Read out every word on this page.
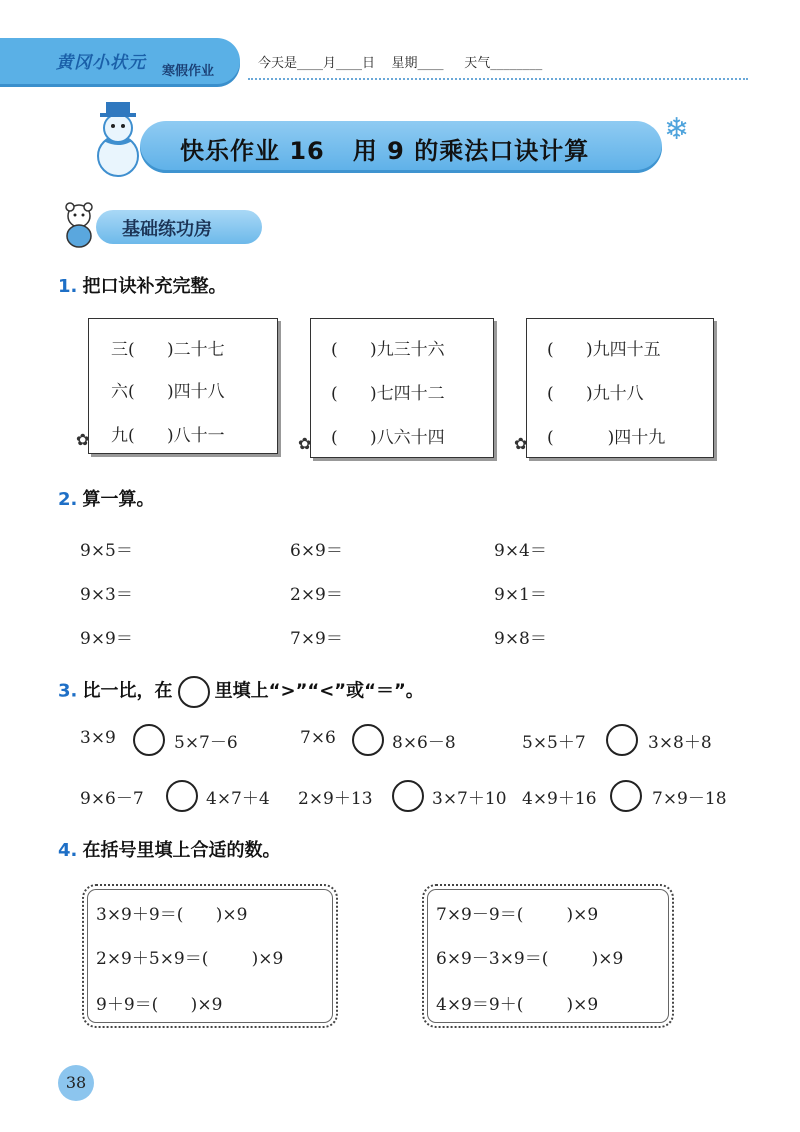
黄冈小状元 寒假作业
今天是____月____日    星期____     天气________
快乐作业 16   用 9 的乘法口诀计算
❄
基础练功房
1. 把口诀补充完整。
三(      )二十七
六(      )四十八
九(      )八十一
(      )九三十六
(      )七四十二
(      )八六十四
(      )九四十五
(      )九十八
(          )四十九
✿	✿	✿
2. 算一算。
9×5＝	6×9＝	9×4＝
9×3＝	2×9＝	9×1＝
9×9＝	7×9＝	9×8＝
3. 比一比，在 里填上“>”“<”或“＝”。
3×9	5×7－6	7×6	8×6－8	5×5＋7	3×8＋8
9×6－7	4×7＋4 2×9＋13	3×7＋10 4×9＋16	7×9－18
4. 在括号里填上合适的数。
3×9＋9＝(      )×9
2×9＋5×9＝(        )×9
9＋9＝(      )×9
7×9－9＝(        )×9
6×9－3×9＝(        )×9
4×9＝9＋(        )×9
38
